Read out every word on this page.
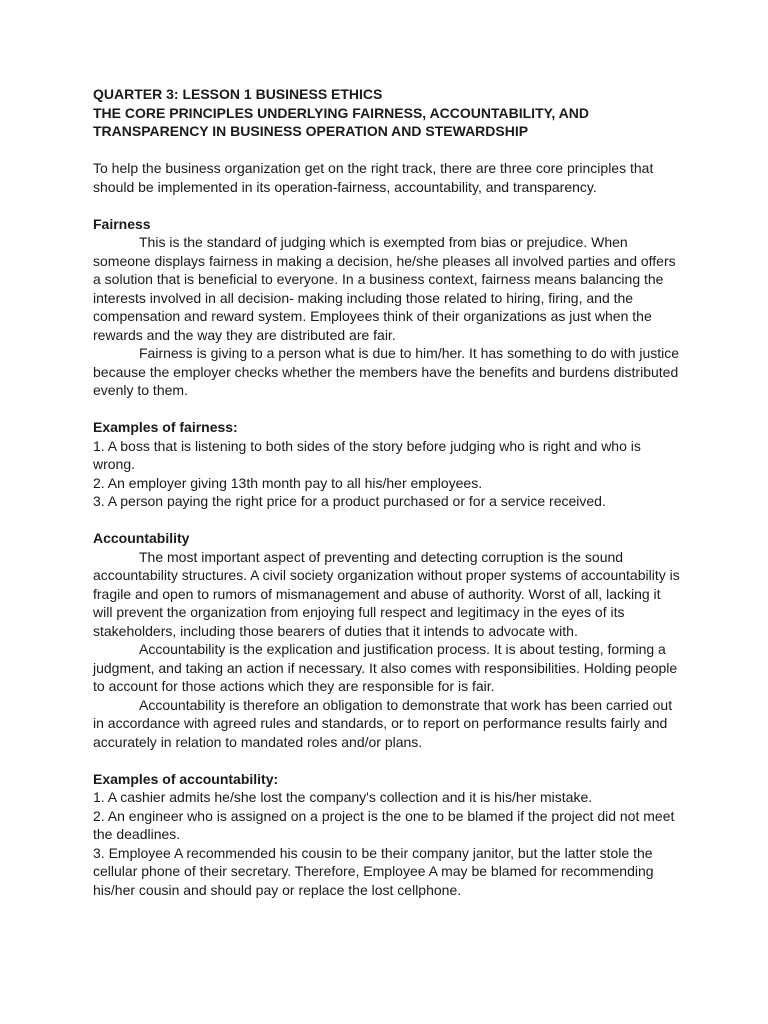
QUARTER 3: LESSON 1 BUSINESS ETHICS

THE CORE PRINCIPLES UNDERLYING FAIRNESS, ACCOUNTABILITY, AND TRANSPARENCY IN BUSINESS OPERATION AND STEWARDSHIP

To help the business organization get on the right track, there are three core principles that should be implemented in its operation-fairness, accountability, and transparency.

Fairness

This is the standard of judging which is exempted from bias or prejudice. When someone displays fairness in making a decision, he/she pleases all involved parties and offers a solution that is beneficial to everyone. In a business context, fairness means balancing the interests involved in all decision- making including those related to hiring, firing, and the compensation and reward system. Employees think of their organizations as just when the rewards and the way they are distributed are fair.

Fairness is giving to a person what is due to him/her. It has something to do with justice because the employer checks whether the members have the benefits and burdens distributed evenly to them.

Examples of fairness:

1. A boss that is listening to both sides of the story before judging who is right and who is wrong.
2. An employer giving 13th month pay to all his/her employees.
3. A person paying the right price for a product purchased or for a service received.

Accountability

The most important aspect of preventing and detecting corruption is the sound accountability structures. A civil society organization without proper systems of accountability is fragile and open to rumors of mismanagement and abuse of authority. Worst of all, lacking it will prevent the organization from enjoying full respect and legitimacy in the eyes of its stakeholders, including those bearers of duties that it intends to advocate with.

Accountability is the explication and justification process. It is about testing, forming a judgment, and taking an action if necessary. It also comes with responsibilities. Holding people to account for those actions which they are responsible for is fair.

Accountability is therefore an obligation to demonstrate that work has been carried out in accordance with agreed rules and standards, or to report on performance results fairly and accurately in relation to mandated roles and/or plans.

Examples of accountability:

1. A cashier admits he/she lost the company's collection and it is his/her mistake.
2. An engineer who is assigned on a project is the one to be blamed if the project did not meet the deadlines.
3. Employee A recommended his cousin to be their company janitor, but the latter stole the cellular phone of their secretary. Therefore, Employee A may be blamed for recommending his/her cousin and should pay or replace the lost cellphone.
